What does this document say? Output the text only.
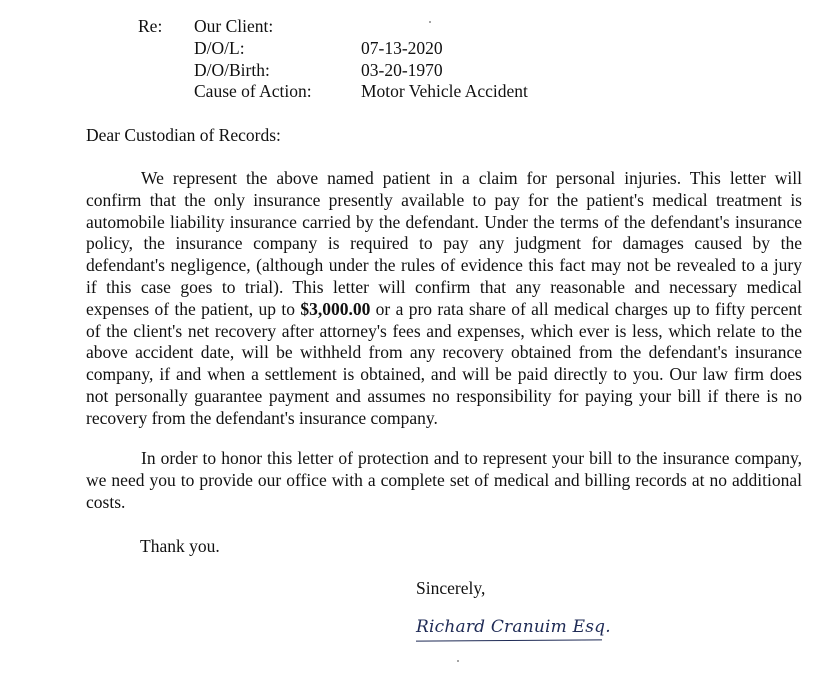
Re: Our Client:
D/O/L:	07-13-2020
D/O/Birth:	03-20-1970
Cause of Action:	Motor Vehicle Accident
Dear Custodian of Records:
We represent the above named patient in a claim for personal injuries. This letter will
confirm that the only insurance presently available to pay for the patient's medical treatment is
automobile liability insurance carried by the defendant. Under the terms of the defendant's insurance
policy, the insurance company is required to pay any judgment for damages caused by the
defendant's negligence, (although under the rules of evidence this fact may not be revealed to a jury
if this case goes to trial). This letter will confirm that any reasonable and necessary medical
expenses of the patient, up to $3,000.00 or a pro rata share of all medical charges up to fifty percent
of the client's net recovery after attorney's fees and expenses, which ever is less, which relate to the
above accident date, will be withheld from any recovery obtained from the defendant's insurance
company, if and when a settlement is obtained, and will be paid directly to you. Our law firm does
not personally guarantee payment and assumes no responsibility for paying your bill if there is no
recovery from the defendant's insurance company.
In order to honor this letter of protection and to represent your bill to the insurance company,
we need you to provide our office with a complete set of medical and billing records at no additional
costs.
Thank you.
Sincerely,
Richard Cranuim Esq.
